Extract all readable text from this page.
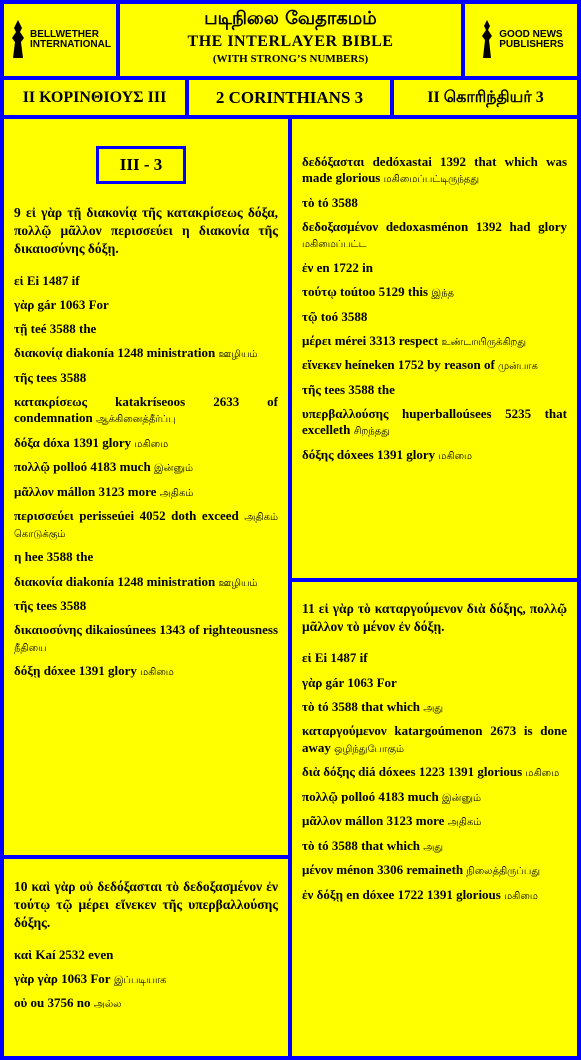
BELLWETHER
INTERNATIONAL
படிநிலை வேதாகமம்
THE INTERLAYER BIBLE
(WITH STRONG’S NUMBERS)
GOOD NEWS
PUBLISHERS
II ΚΟΡΙΝΘΙΟΥΣ III	2 CORINTHIANS 3	II கொரிந்தியர் 3
III - 3
9 εἰ γὰρ τῇ διακονίᾳ τῆς κατακρίσεως δόξα, πολλῷ μᾶλλον περισσεύει η διακονία τῆς δικαιοσύνης δόξῃ.
εἰ Ei 1487 if
γὰρ gár 1063 For
τῇ teé 3588 the
διακονίᾳ diakonía 1248 ministration ஊழியம்
τῆς tees 3588
κατακρίσεως katakríseoos 2633 of condemnation ஆக்கினைத்தீர்ப்பு
δόξα dóxa 1391 glory மகிமை
πολλῷ polloó 4183 much இன்னும்
μᾶλλον mállon 3123 more அதிகம்
περισσεύει perisseúei 4052 doth exceed அதிகம் கொடுக்கும்
η hee 3588 the
διακονία diakonía 1248 ministration ஊழியம்
τῆς tees 3588
δικαιοσύνης dikaiosúnees 1343 of righteousness நீதியை
δόξῃ dóxee 1391 glory மகிமை
10 καὶ γὰρ οὐ δεδόξασται τὸ δεδοξασμένον ἐν τούτῳ τῷ μέρει εἵνεκεν τῆς υπερβαλλούσης δόξης.
καὶ Kaí 2532 even
γὰρ γὰρ 1063 For இப்படியாக
οὐ ou 3756 no அல்ல
δεδόξασται dedóxastai 1392 that which was made glorious மகிமைப்பட்டிருந்தது
τὸ tó 3588
δεδοξασμένον dedoxasménon 1392 had glory மகிமைப்பட்ட
ἐν en 1722 in
τούτῳ toútoo 5129 this இந்த
τῷ toó 3588
μέρει mérei 3313 respect உண்டாயிருக்கிறது
εἵνεκεν heíneken 1752 by reason of முன்பாக
τῆς tees 3588 the
υπερβαλλούσης huperballoúsees 5235 that excelleth சிறந்தது
δόξης dóxees 1391 glory மகிமை
11 εἰ γὰρ τὸ καταργούμενον διὰ δόξης, πολλῷ μᾶλλον τὸ μένον ἐν δόξῃ.
εἰ Ei 1487 if
γὰρ gár 1063 For
τὸ tó 3588 that which அது
καταργούμενον katargoúmenon 2673 is done away ஒழிந்துபோகும்
διὰ δόξης diá dóxees 1223 1391 glorious மகிமை
πολλῷ polloó 4183 much இன்னும்
μᾶλλον mállon 3123 more அதிகம்
τὸ tó 3588 that which அது
μένον ménon 3306 remaineth நிலைத்திருப்பது
ἐν δόξῃ en dóxee 1722 1391 glorious மகிமை
